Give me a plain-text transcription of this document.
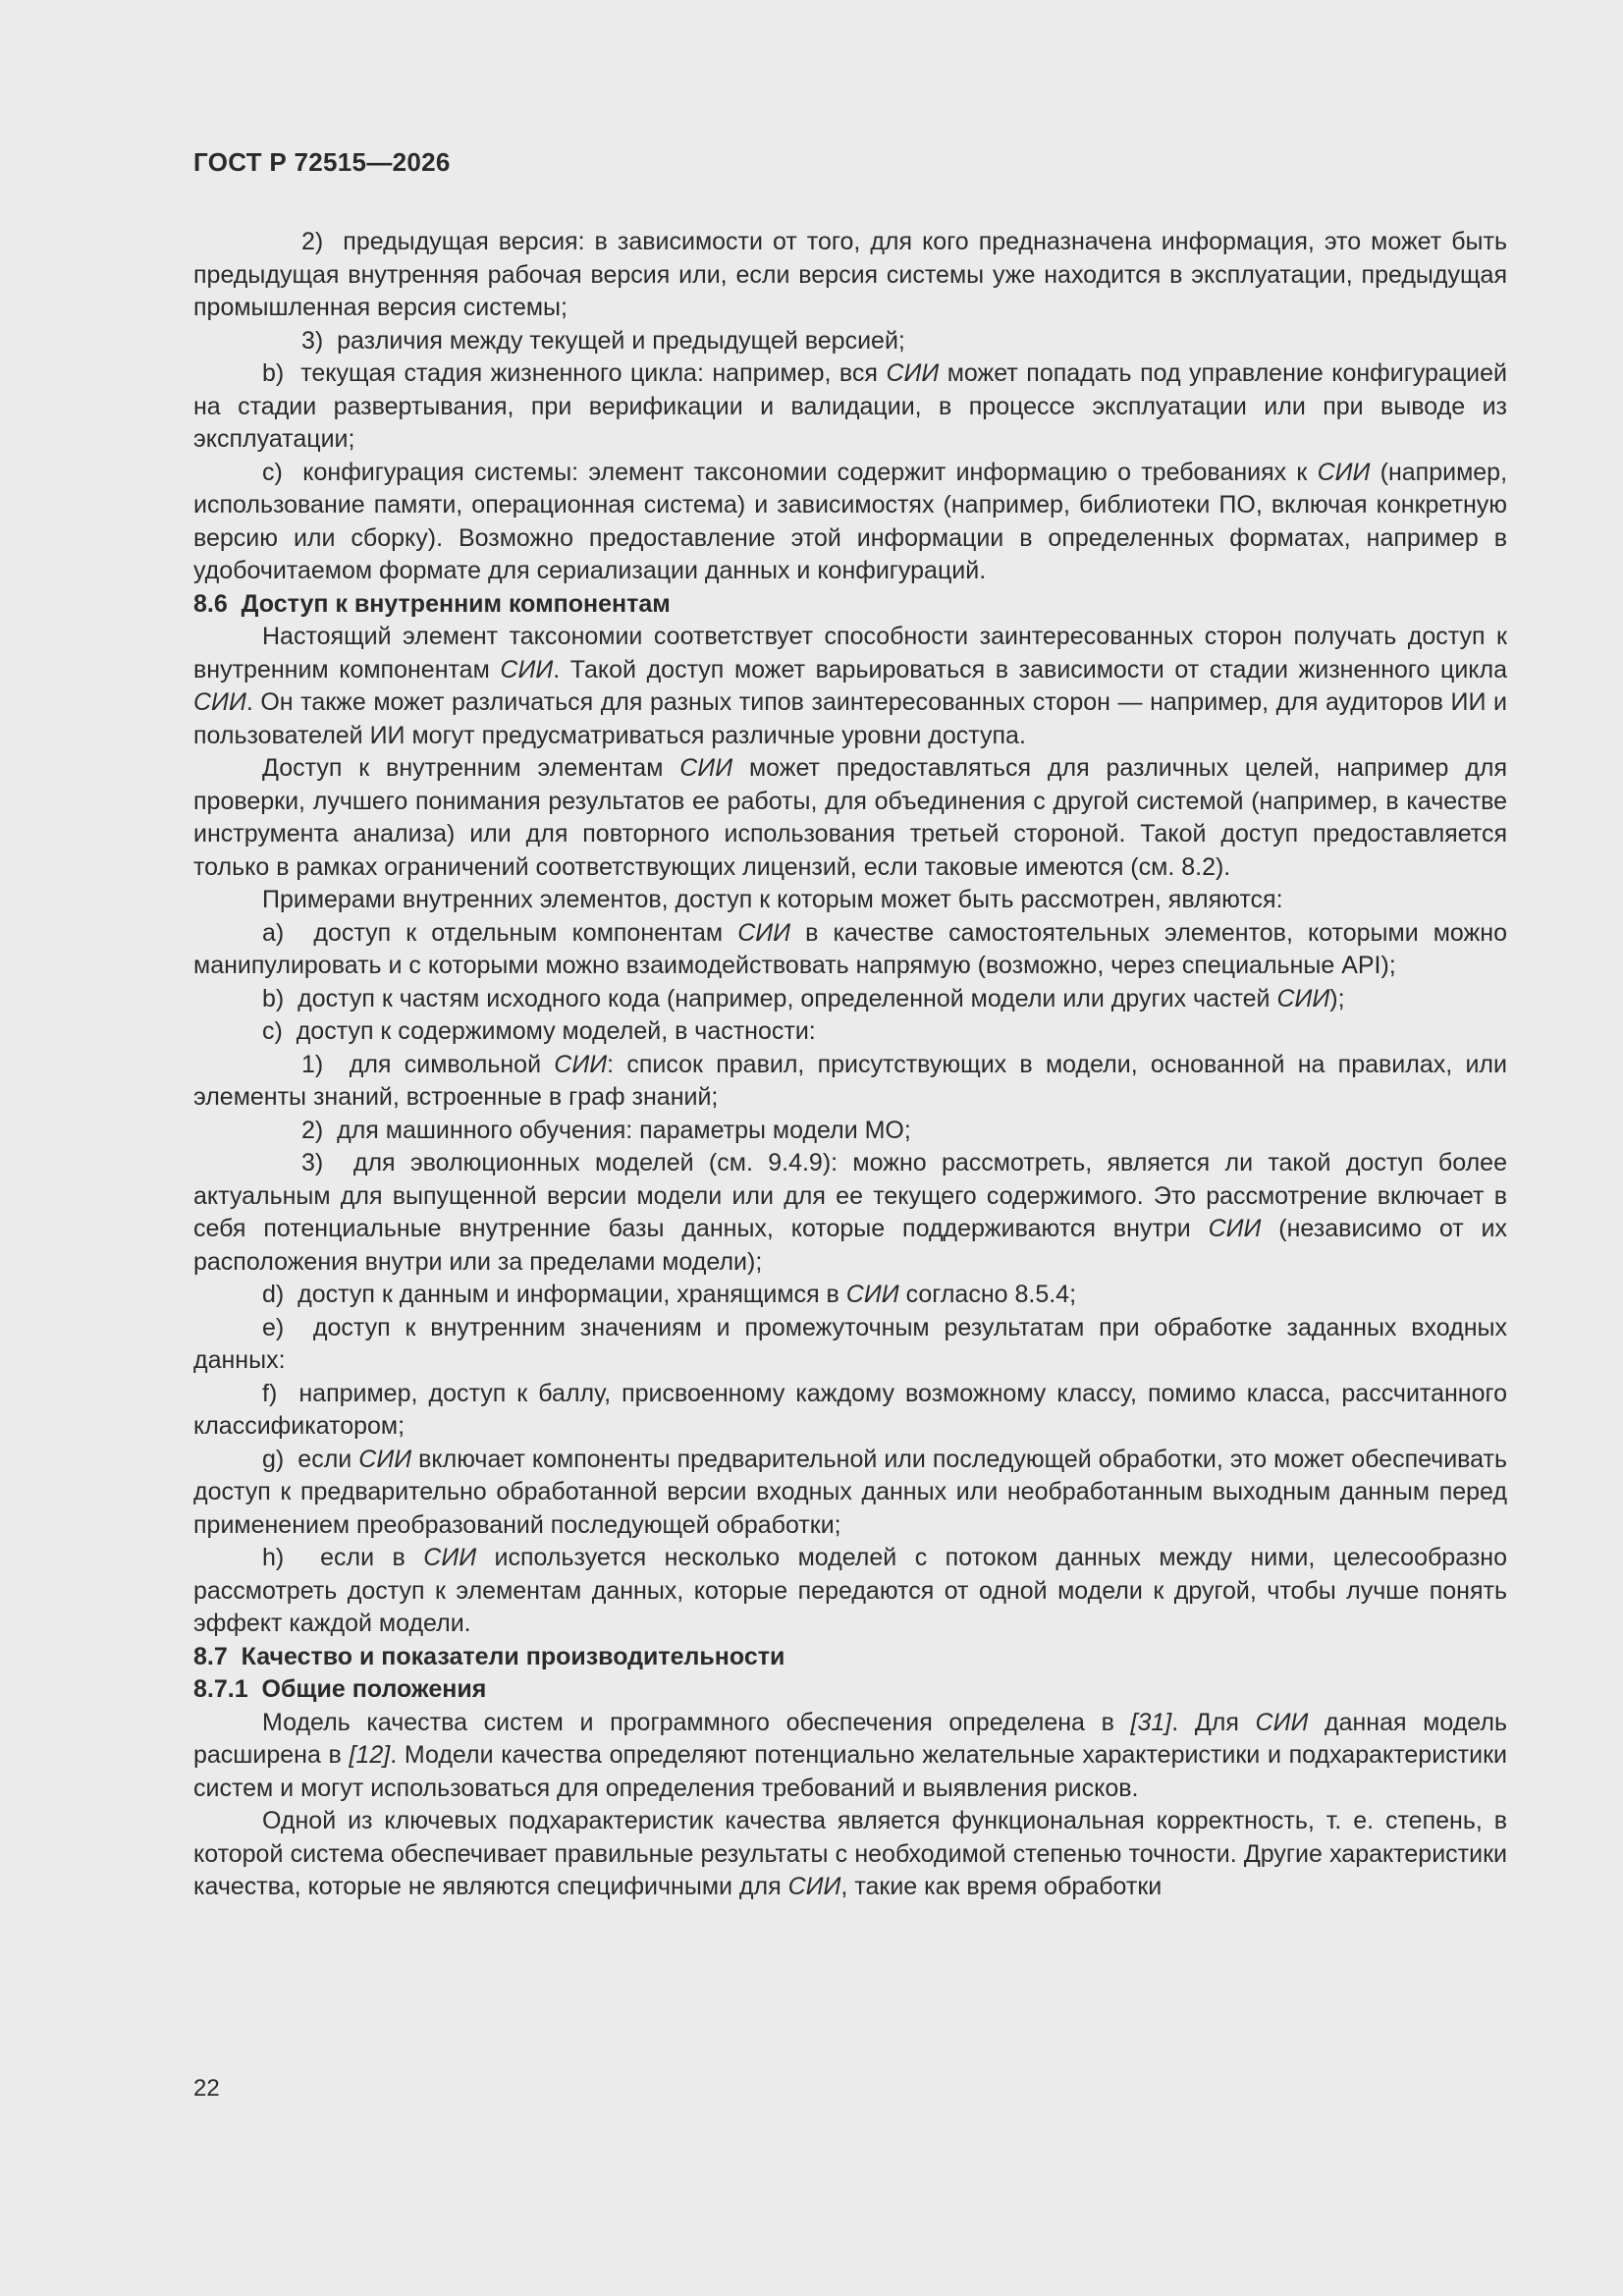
ГОСТ Р 72515—2026

2)  предыдущая версия: в зависимости от того, для кого предназначена информация, это может быть предыдущая внутренняя рабочая версия или, если версия системы уже находится в эксплуатации, предыдущая промышленная версия системы;

3)  различия между текущей и предыдущей версией;

b)  текущая стадия жизненного цикла: например, вся СИИ может попадать под управление конфигурацией на стадии развертывания, при верификации и валидации, в процессе эксплуатации или при выводе из эксплуатации;

c)  конфигурация системы: элемент таксономии содержит информацию о требованиях к СИИ (например, использование памяти, операционная система) и зависимостях (например, библиотеки ПО, включая конкретную версию или сборку). Возможно предоставление этой информации в определенных форматах, например в удобочитаемом формате для сериализации данных и конфигураций.

8.6  Доступ к внутренним компонентам

Настоящий элемент таксономии соответствует способности заинтересованных сторон получать доступ к внутренним компонентам СИИ. Такой доступ может варьироваться в зависимости от стадии жизненного цикла СИИ. Он также может различаться для разных типов заинтересованных сторон — например, для аудиторов ИИ и пользователей ИИ могут предусматриваться различные уровни доступа.

Доступ к внутренним элементам СИИ может предоставляться для различных целей, например для проверки, лучшего понимания результатов ее работы, для объединения с другой системой (например, в качестве инструмента анализа) или для повторного использования третьей стороной. Такой доступ предоставляется только в рамках ограничений соответствующих лицензий, если таковые имеются (см. 8.2).

Примерами внутренних элементов, доступ к которым может быть рассмотрен, являются:

a)  доступ к отдельным компонентам СИИ в качестве самостоятельных элементов, которыми можно манипулировать и с которыми можно взаимодействовать напрямую (возможно, через специальные API);

b)  доступ к частям исходного кода (например, определенной модели или других частей СИИ);

c)  доступ к содержимому моделей, в частности:

1)  для символьной СИИ: список правил, присутствующих в модели, основанной на правилах, или элементы знаний, встроенные в граф знаний;

2)  для машинного обучения: параметры модели МО;

3)  для эволюционных моделей (см. 9.4.9): можно рассмотреть, является ли такой доступ более актуальным для выпущенной версии модели или для ее текущего содержимого. Это рассмотрение включает в себя потенциальные внутренние базы данных, которые поддерживаются внутри СИИ (независимо от их расположения внутри или за пределами модели);

d)  доступ к данным и информации, хранящимся в СИИ согласно 8.5.4;

e)  доступ к внутренним значениям и промежуточным результатам при обработке заданных входных данных:

f)  например, доступ к баллу, присвоенному каждому возможному классу, помимо класса, рассчитанного классификатором;

g)  если СИИ включает компоненты предварительной или последующей обработки, это может обеспечивать доступ к предварительно обработанной версии входных данных или необработанным выходным данным перед применением преобразований последующей обработки;

h)  если в СИИ используется несколько моделей с потоком данных между ними, целесообразно рассмотреть доступ к элементам данных, которые передаются от одной модели к другой, чтобы лучше понять эффект каждой модели.

8.7  Качество и показатели производительности

8.7.1  Общие положения

Модель качества систем и программного обеспечения определена в [31]. Для СИИ данная модель расширена в [12]. Модели качества определяют потенциально желательные характеристики и подхарактеристики систем и могут использоваться для определения требований и выявления рисков.

Одной из ключевых подхарактеристик качества является функциональная корректность, т. е. степень, в которой система обеспечивает правильные результаты с необходимой степенью точности. Другие характеристики качества, которые не являются специфичными для СИИ, такие как время обработки

22
